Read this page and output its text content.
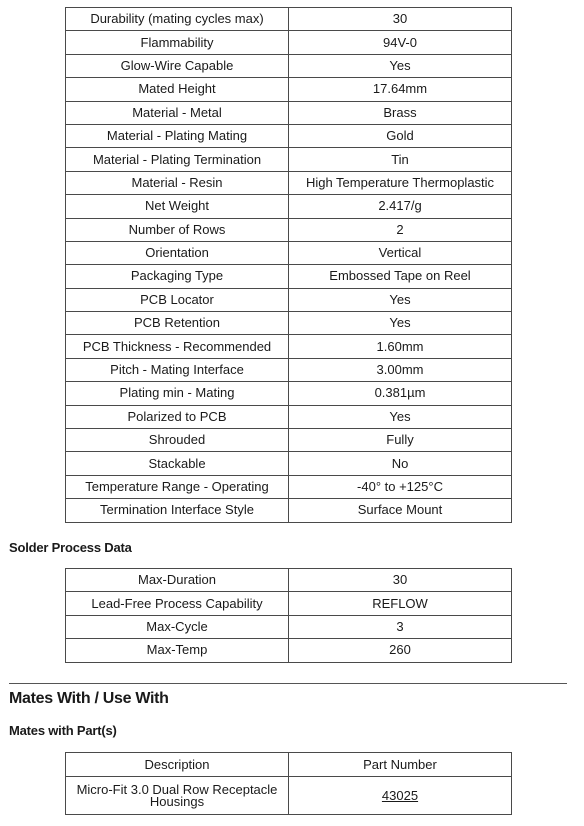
Durability (mating cycles max)	30
Flammability	94V-0
Glow-Wire Capable	Yes
Mated Height	17.64mm
Material - Metal	Brass
Material - Plating Mating	Gold
Material - Plating Termination	Tin
Material - Resin	High Temperature Thermoplastic
Net Weight	2.417/g
Number of Rows	2
Orientation	Vertical
Packaging Type	Embossed Tape on Reel
PCB Locator	Yes
PCB Retention	Yes
PCB Thickness - Recommended	1.60mm
Pitch - Mating Interface	3.00mm
Plating min - Mating	0.381µm
Polarized to PCB	Yes
Shrouded	Fully
Stackable	No
Temperature Range - Operating	-40° to +125°C
Termination Interface Style	Surface Mount
Solder Process Data
Max-Duration	30
Lead-Free Process Capability	REFLOW
Max-Cycle	3
Max-Temp	260
Mates With / Use With
Mates with Part(s)
Description	Part Number
Micro-Fit 3.0 Dual Row Receptacle Housings	43025
